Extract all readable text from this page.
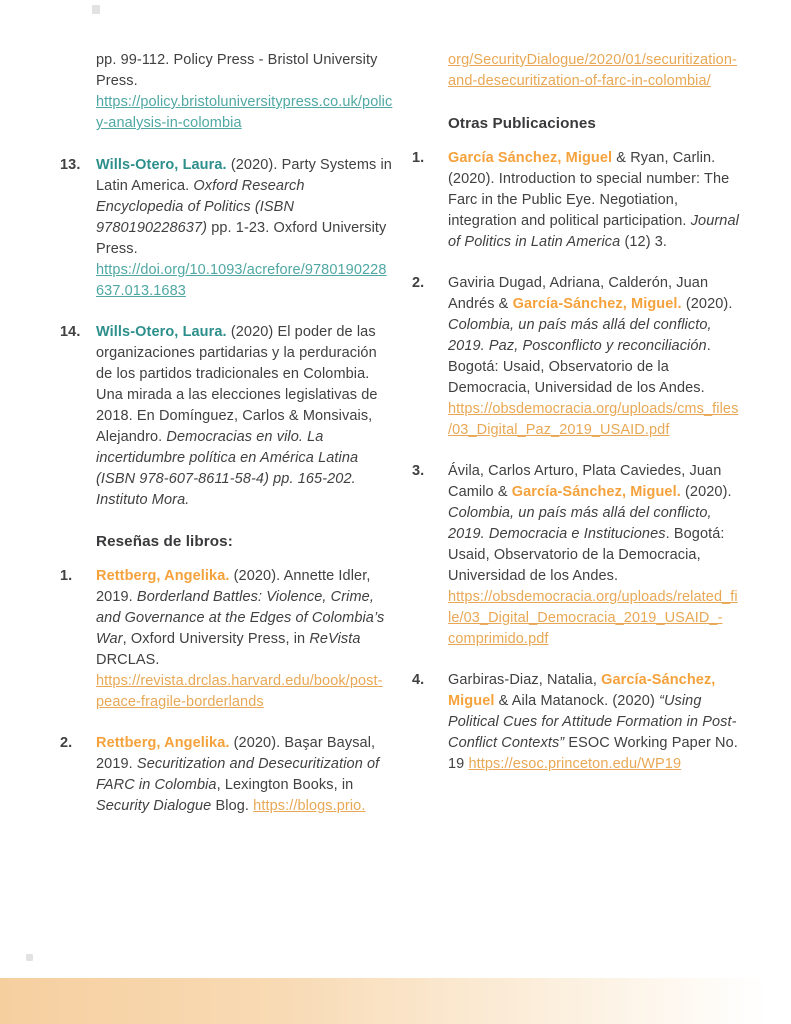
pp. 99-112. Policy Press - Bristol University Press. https://policy.bristoluniversitypress.co.uk/policy-analysis-in-colombia
13.	Wills-Otero, Laura. (2020). Party Systems in Latin America. Oxford Research Encyclopedia of Politics (ISBN 9780190228637) pp. 1-23. Oxford University Press. https://doi.org/10.1093/acrefore/9780190228637.013.1683
14.	Wills-Otero, Laura. (2020) El poder de las organizaciones partidarias y la perduración de los partidos tradicionales en Colombia. Una mirada a las elecciones legislativas de 2018. En Domínguez, Carlos & Monsivais, Alejandro. Democracias en vilo. La incertidumbre política en América Latina (ISBN 978-607-8611-58-4) pp. 165-202. Instituto Mora.
Reseñas de libros:
1.	Rettberg, Angelika. (2020). Annette Idler, 2019. Borderland Battles: Violence, Crime, and Governance at the Edges of Colombia’s War, Oxford University Press, in ReVista DRCLAS. https://revista.drclas.harvard.edu/book/post-peace-fragile-borderlands
2.	Rettberg, Angelika. (2020). Başar Baysal, 2019. Securitization and Desecuritization of FARC in Colombia, Lexington Books, in Security Dialogue Blog. https://blogs.prio.
org/SecurityDialogue/2020/01/securitization-and-desecuritization-of-farc-in-colombia/
Otras Publicaciones
1.	García Sánchez, Miguel & Ryan, Carlin. (2020). Introduction to special number: The Farc in the Public Eye. Negotiation, integration and political participation. Journal of Politics in Latin America (12) 3.
2.	Gaviria Dugad, Adriana, Calderón, Juan Andrés & García-Sánchez, Miguel. (2020). Colombia, un país más allá del conflicto, 2019. Paz, Posconflicto y reconciliación. Bogotá: Usaid, Observatorio de la Democracia, Universidad de los Andes. https://obsdemocracia.org/uploads/cms_files/03_Digital_Paz_2019_USAID.pdf
3.	Ávila, Carlos Arturo, Plata Caviedes, Juan Camilo & García-Sánchez, Miguel. (2020). Colombia, un país más allá del conflicto, 2019. Democracia e Instituciones. Bogotá: Usaid, Observatorio de la Democracia, Universidad de los Andes. https://obsdemocracia.org/uploads/related_file/03_Digital_Democracia_2019_USAID_-comprimido.pdf
4.	Garbiras-Diaz, Natalia, García-Sánchez, Miguel & Aila Matanock. (2020) “Using Political Cues for Attitude Formation in Post-Conflict Contexts” ESOC Working Paper No. 19 https://esoc.princeton.edu/WP19
